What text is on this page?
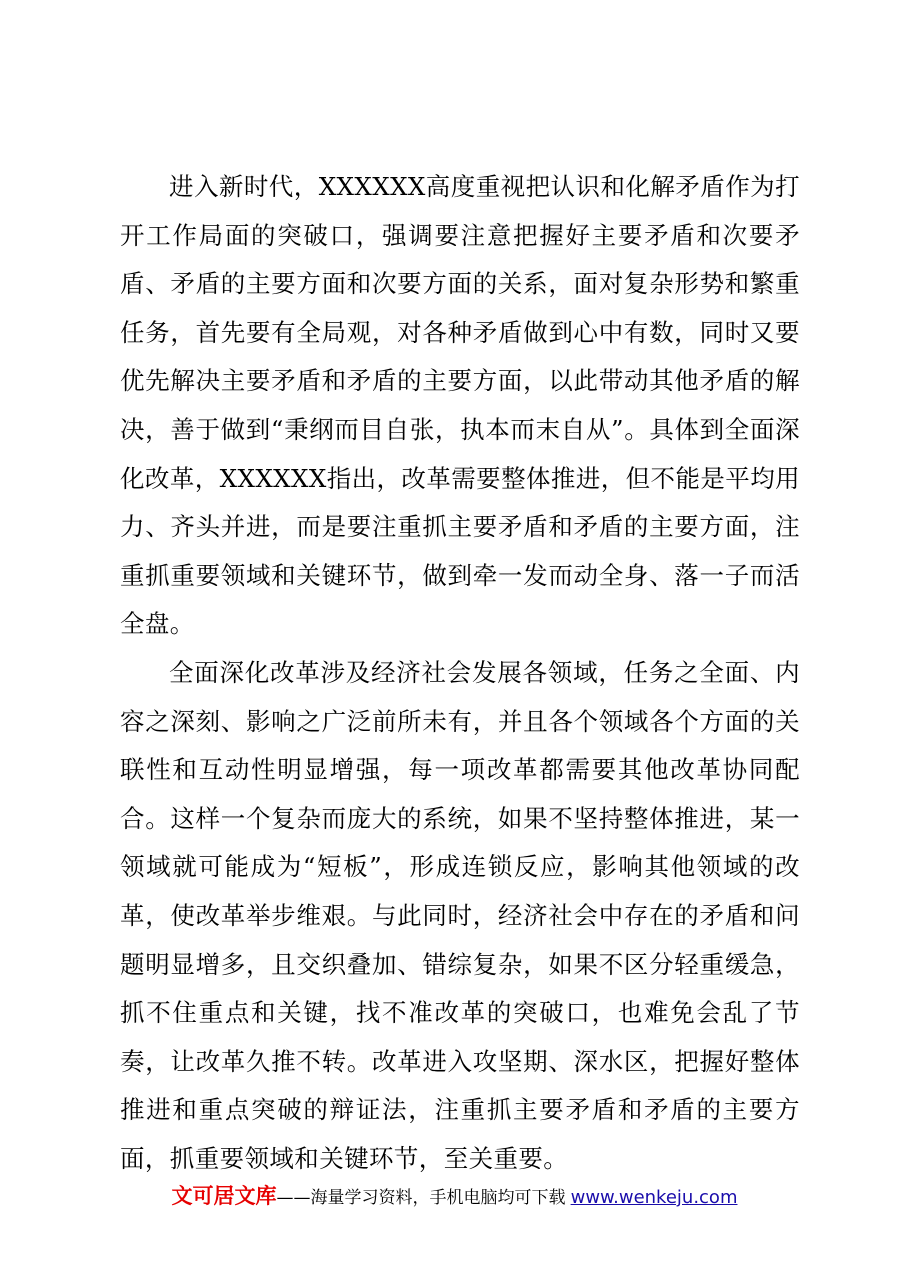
进入新时代，XXXXXX高度重视把认识和化解矛盾作为打开工作局面的突破口，强调要注意把握好主要矛盾和次要矛盾、矛盾的主要方面和次要方面的关系，面对复杂形势和繁重任务，首先要有全局观，对各种矛盾做到心中有数，同时又要优先解决主要矛盾和矛盾的主要方面，以此带动其他矛盾的解决，善于做到“秉纲而目自张，执本而末自从”。具体到全面深化改革，XXXXXX指出，改革需要整体推进，但不能是平均用力、齐头并进，而是要注重抓主要矛盾和矛盾的主要方面，注重抓重要领域和关键环节，做到牵一发而动全身、落一子而活全盘。

全面深化改革涉及经济社会发展各领域，任务之全面、内容之深刻、影响之广泛前所未有，并且各个领域各个方面的关联性和互动性明显增强，每一项改革都需要其他改革协同配合。这样一个复杂而庞大的系统，如果不坚持整体推进，某一领域就可能成为“短板”，形成连锁反应，影响其他领域的改革，使改革举步维艰。与此同时，经济社会中存在的矛盾和问题明显增多，且交织叠加、错综复杂，如果不区分轻重缓急，抓不住重点和关键，找不准改革的突破口，也难免会乱了节奏，让改革久推不转。改革进入攻坚期、深水区，把握好整体推进和重点突破的辩证法，注重抓主要矛盾和矛盾的主要方面，抓重要领域和关键环节，至关重要。

文可居文库——海量学习资料，手机电脑均可下载 www.wenkeju.com
